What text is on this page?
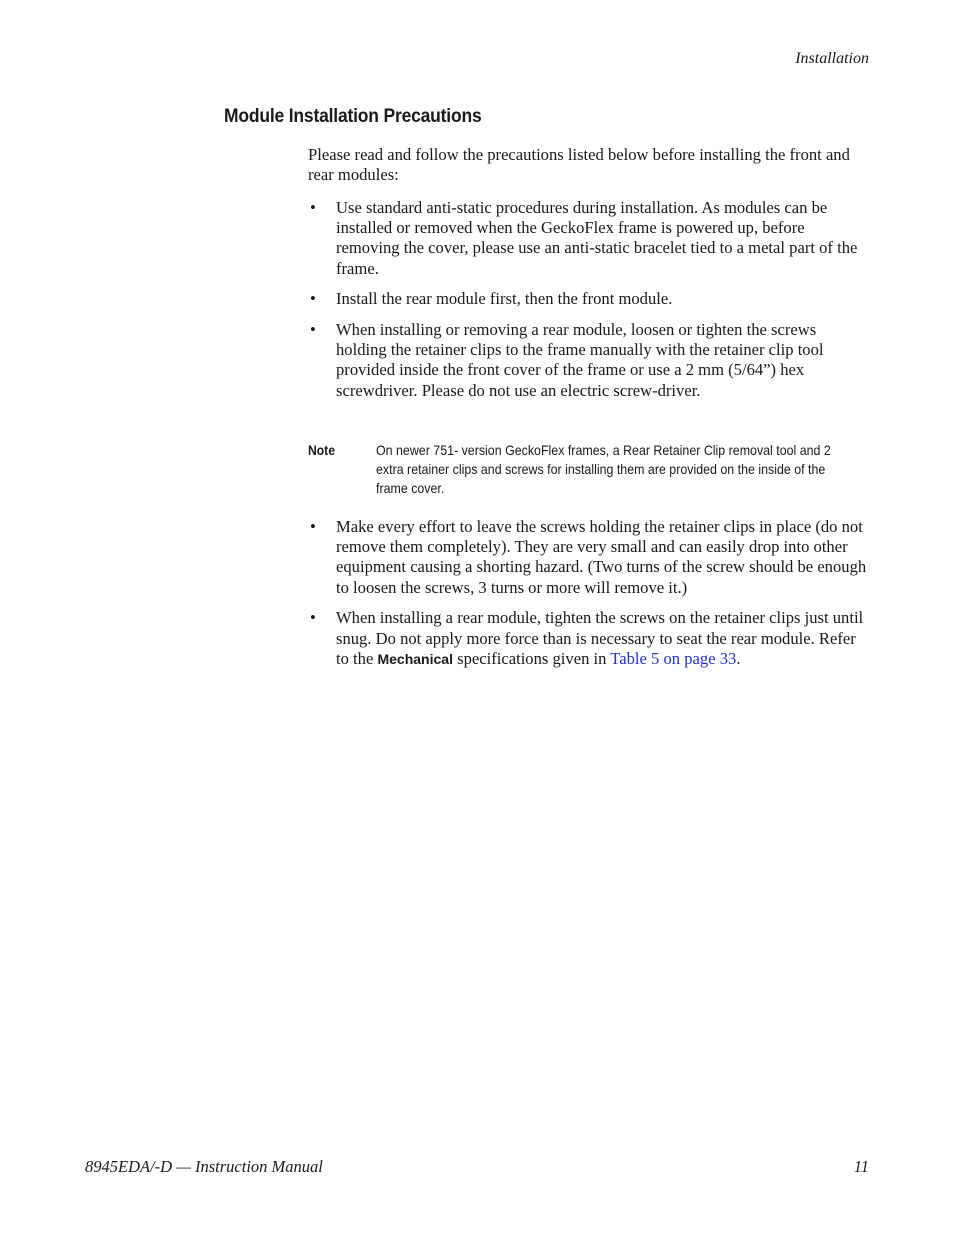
Installation
Module Installation Precautions

Please read and follow the precautions listed below before installing the front and rear modules:

• Use standard anti-static procedures during installation. As modules can be installed or removed when the GeckoFlex frame is powered up, before removing the cover, please use an anti-static bracelet tied to a metal part of the frame.
• Install the rear module first, then the front module.
• When installing or removing a rear module, loosen or tighten the screws holding the retainer clips to the frame manually with the retainer clip tool provided inside the front cover of the frame or use a 2 mm (5/64”) hex screwdriver. Please do not use an electric screw-driver.
Note	On newer 751- version GeckoFlex frames, a Rear Retainer Clip removal tool and 2 extra retainer clips and screws for installing them are provided on the inside of the frame cover.
• Make every effort to leave the screws holding the retainer clips in place (do not remove them completely). They are very small and can easily drop into other equipment causing a shorting hazard. (Two turns of the screw should be enough to loosen the screws, 3 turns or more will remove it.)
• When installing a rear module, tighten the screws on the retainer clips just until snug. Do not apply more force than is necessary to seat the rear module. Refer to the Mechanical specifications given in Table 5 on page 33.
8945EDA/-D — Instruction Manual	11
